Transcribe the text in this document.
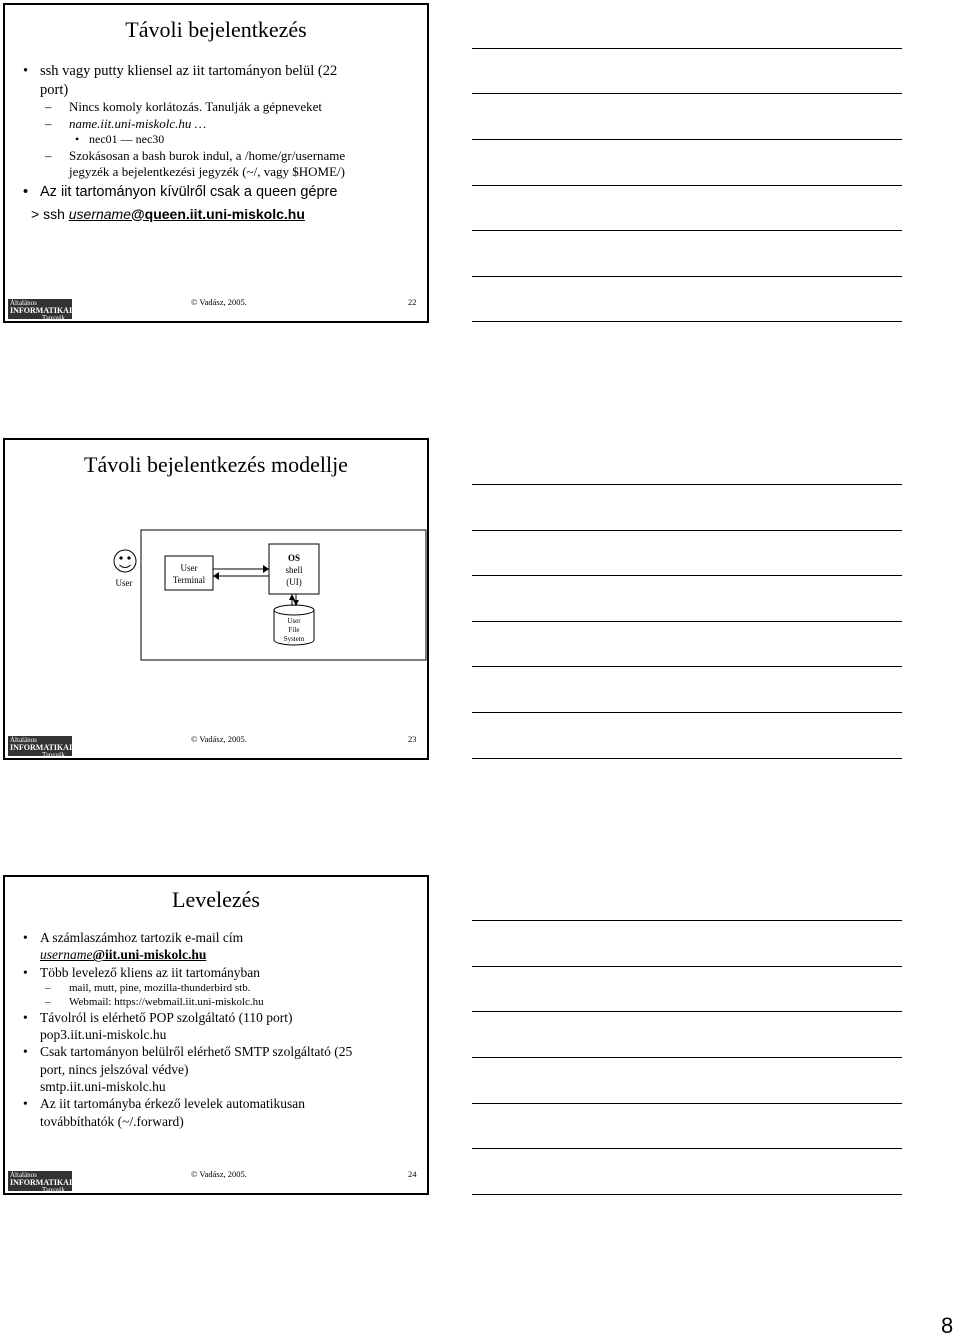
Távoli bejelentkezés
• ssh vagy putty kliensel az iit tartományon belül (22
port)
– Nincs komoly korlátozás. Tanulják a gépneveket
– name.iit.uni-miskolc.hu …
• nec01 — nec30
– Szokásosan a bash burok indul, a /home/gr/username
jegyzék a bejelentkezési jegyzék (~/, vagy $HOME/)
• Az iit tartományon kívülről csak a queen gépre
> ssh username@queen.iit.uni-miskolc.hu
Általános
INFORMATIKAI
Tanszék
© Vadász, 2005.	22
Távoli bejelentkezés modellje
User
User
Terminal
OS
shell
(UI)
User
File
System
Általános
INFORMATIKAI
Tanszék
© Vadász, 2005.	23
Levelezés
• A számlaszámhoz tartozik e-mail cím
username@iit.uni-miskolc.hu
• Több levelező kliens az iit tartományban
– mail, mutt, pine, mozilla-thunderbird stb.
– Webmail: https://webmail.iit.uni-miskolc.hu
• Távolról is elérhető POP szolgáltató (110 port)
pop3.iit.uni-miskolc.hu
• Csak tartományon belülről elérhető SMTP szolgáltató (25
port, nincs jelszóval védve)
smtp.iit.uni-miskolc.hu
• Az iit tartományba érkező levelek automatikusan
továbbíthatók (~/.forward)
Általános
INFORMATIKAI
Tanszék
© Vadász, 2005.	24
8
